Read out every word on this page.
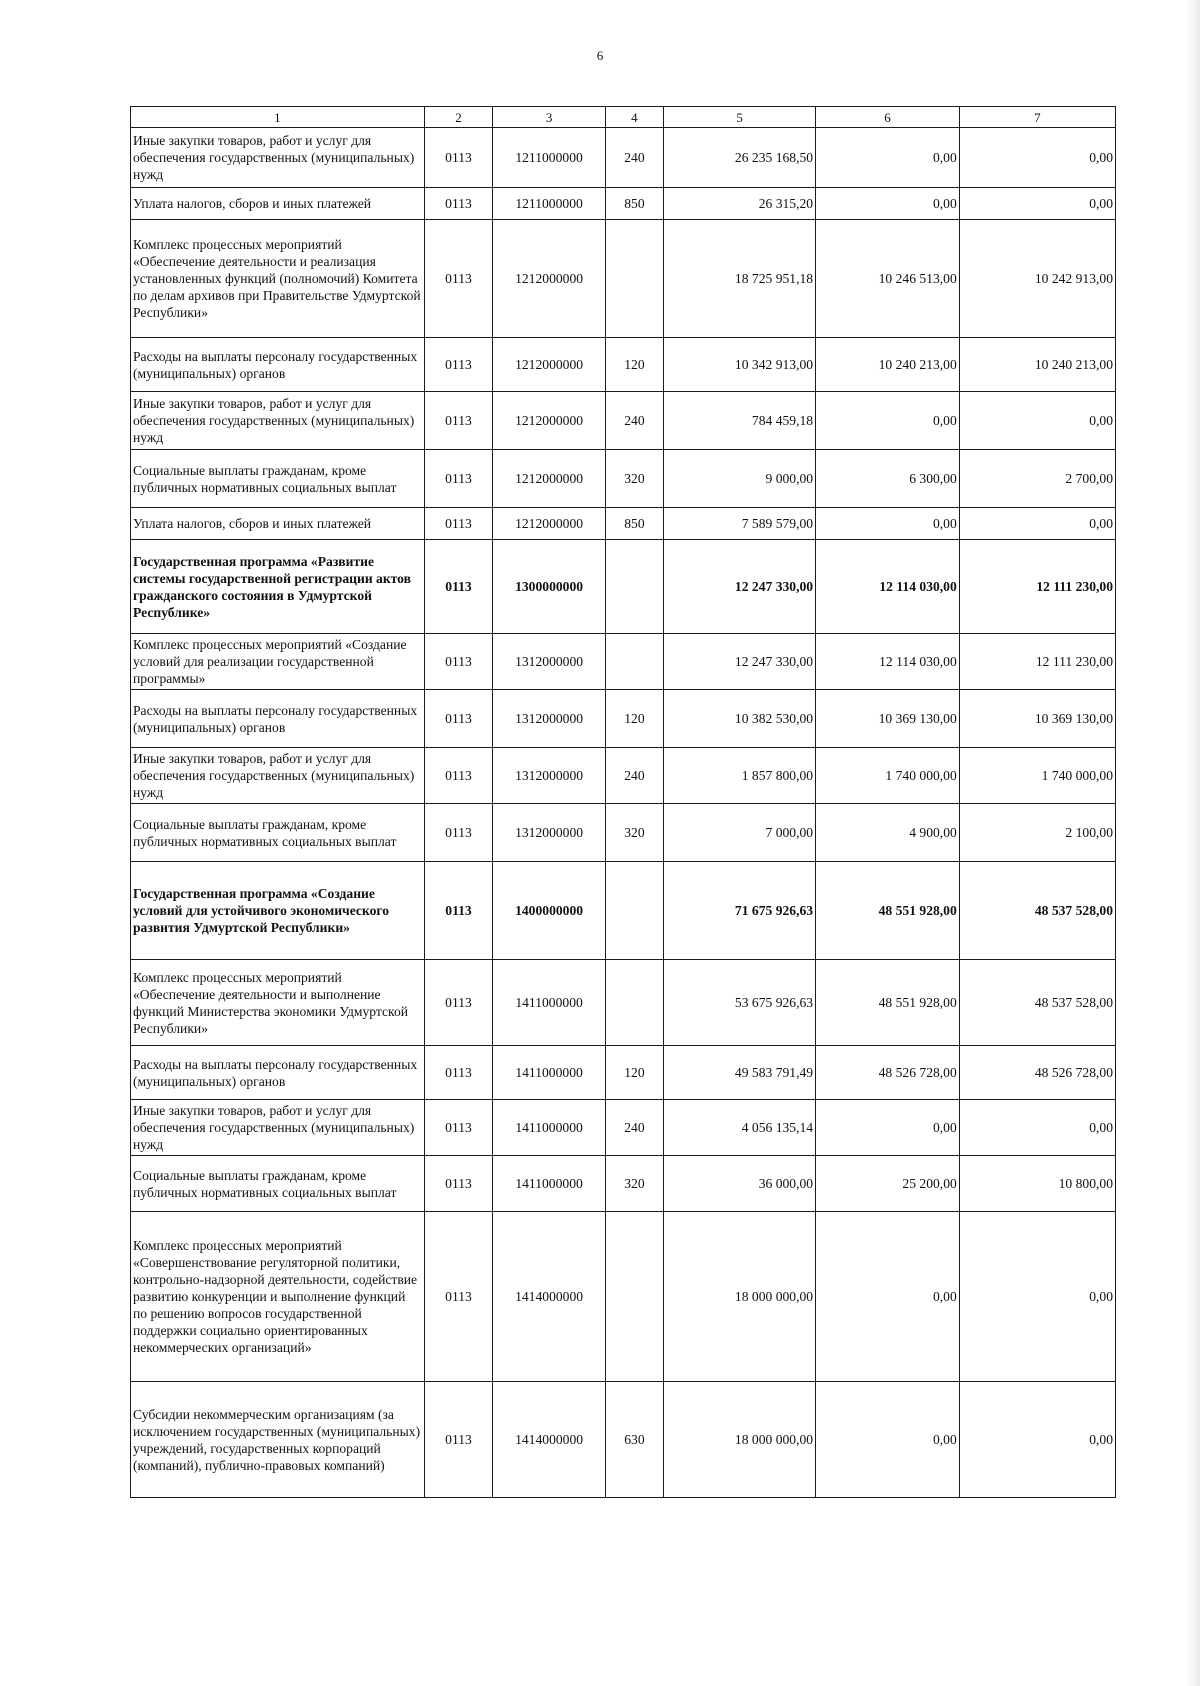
6
1	2	3	4	5	6	7
Иные закупки товаров, работ и услуг для обеспечения государственных (муниципальных) нужд	0113	1211000000	240	26 235 168,50	0,00	0,00
Уплата налогов, сборов и иных платежей	0113	1211000000	850	26 315,20	0,00	0,00
Комплекс процессных мероприятий «Обеспечение деятельности и реализация установленных функций (полномочий) Комитета по делам архивов при Правительстве Удмуртской Республики»	0113	1212000000		18 725 951,18	10 246 513,00	10 242 913,00
Расходы на выплаты персоналу государственных (муниципальных) органов	0113	1212000000	120	10 342 913,00	10 240 213,00	10 240 213,00
Иные закупки товаров, работ и услуг для обеспечения государственных (муниципальных) нужд	0113	1212000000	240	784 459,18	0,00	0,00
Социальные выплаты гражданам, кроме публичных нормативных социальных выплат	0113	1212000000	320	9 000,00	6 300,00	2 700,00
Уплата налогов, сборов и иных платежей	0113	1212000000	850	7 589 579,00	0,00	0,00
Государственная программа «Развитие системы государственной регистрации актов гражданского состояния в Удмуртской Республике»	0113	1300000000		12 247 330,00	12 114 030,00	12 111 230,00
Комплекс процессных мероприятий «Создание условий для реализации государственной программы»	0113	1312000000		12 247 330,00	12 114 030,00	12 111 230,00
Расходы на выплаты персоналу государственных (муниципальных) органов	0113	1312000000	120	10 382 530,00	10 369 130,00	10 369 130,00
Иные закупки товаров, работ и услуг для обеспечения государственных (муниципальных) нужд	0113	1312000000	240	1 857 800,00	1 740 000,00	1 740 000,00
Социальные выплаты гражданам, кроме публичных нормативных социальных выплат	0113	1312000000	320	7 000,00	4 900,00	2 100,00
Государственная программа «Создание условий для устойчивого экономического развития Удмуртской Республики»	0113	1400000000		71 675 926,63	48 551 928,00	48 537 528,00
Комплекс процессных мероприятий «Обеспечение деятельности и выполнение функций Министерства экономики Удмуртской Республики»	0113	1411000000		53 675 926,63	48 551 928,00	48 537 528,00
Расходы на выплаты персоналу государственных (муниципальных) органов	0113	1411000000	120	49 583 791,49	48 526 728,00	48 526 728,00
Иные закупки товаров, работ и услуг для обеспечения государственных (муниципальных) нужд	0113	1411000000	240	4 056 135,14	0,00	0,00
Социальные выплаты гражданам, кроме публичных нормативных социальных выплат	0113	1411000000	320	36 000,00	25 200,00	10 800,00
Комплекс процессных мероприятий «Совершенствование регуляторной политики, контрольно-надзорной деятельности, содействие развитию конкуренции и выполнение функций по решению вопросов государственной поддержки социально ориентированных некоммерческих организаций»	0113	1414000000		18 000 000,00	0,00	0,00
Субсидии некоммерческим организациям (за исключением государственных (муниципальных) учреждений, государственных корпораций (компаний), публично-правовых компаний)	0113	1414000000	630	18 000 000,00	0,00	0,00
